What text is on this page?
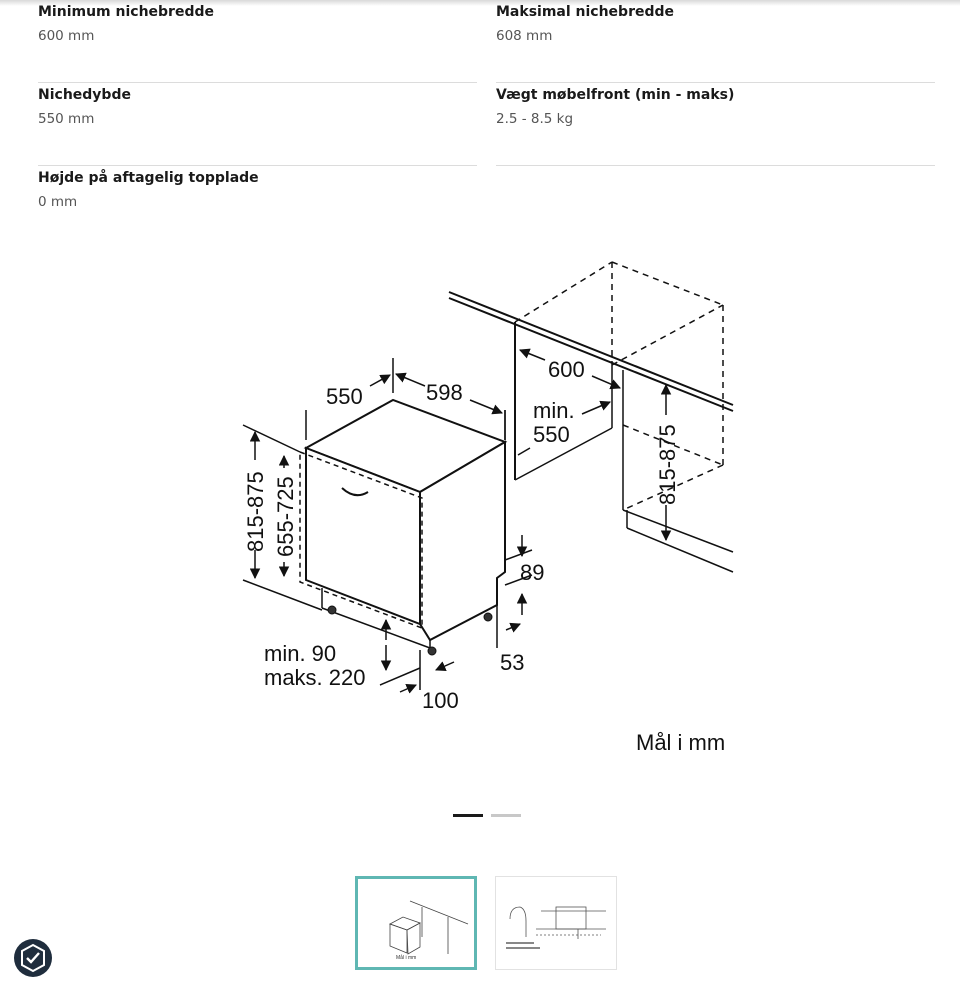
Minimum nichebredde
600 mm
Maksimal nichebredde
608 mm
Nichedybde
550 mm
Vægt møbelfront (min - maks)
2.5 - 8.5 kg
Højde på aftagelig topplade
0 mm
550	598
600
min.
550
815-875 655-725
815-875
89
53
min. 90
maks. 220
100
Mål i mm
Mål i mm
